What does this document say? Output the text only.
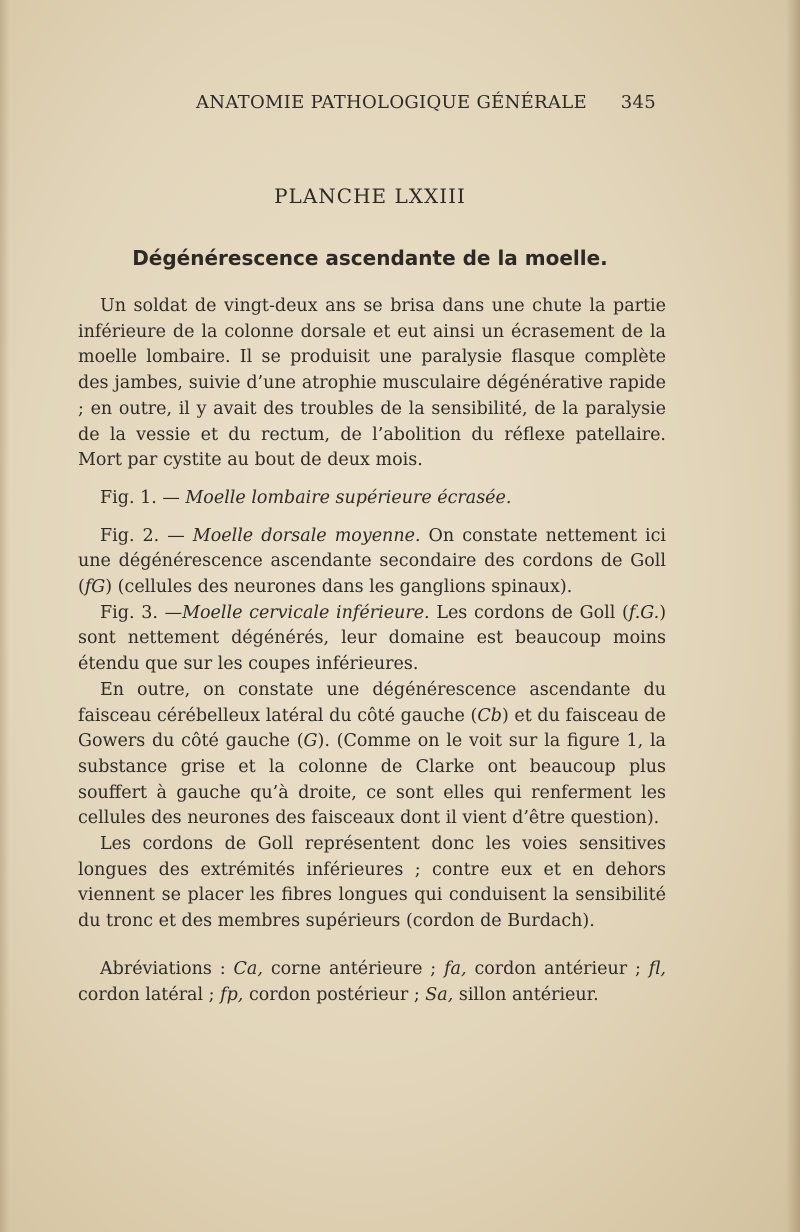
ANATOMIE PATHOLOGIQUE GÉNÉRALE 345
PLANCHE LXXIII
Dégénérescence ascendante de la moelle.

Un soldat de vingt-deux ans se brisa dans une chute la partie inférieure de la colonne dorsale et eut ainsi un écrasement de la moelle lombaire. Il se produisit une paralysie flasque complète des jambes, suivie d’une atrophie musculaire dégénérative rapide ; en outre, il y avait des troubles de la sensibilité, de la paralysie de la vessie et du rectum, de l’abolition du réflexe patellaire. Mort par cystite au bout de deux mois.

Fig. 1. — Moelle lombaire supérieure écrasée.

Fig. 2. — Moelle dorsale moyenne. On constate nettement ici une dégénérescence ascendante secondaire des cordons de Goll (fG) (cellules des neurones dans les ganglions spinaux).

Fig. 3. —Moelle cervicale inférieure. Les cordons de Goll (f.G.) sont nettement dégénérés, leur domaine est beaucoup moins étendu que sur les coupes inférieures.

En outre, on constate une dégénérescence ascendante du faisceau cérébelleux latéral du côté gauche (Cb) et du faisceau de Gowers du côté gauche (G). (Comme on le voit sur la figure 1, la substance grise et la colonne de Clarke ont beaucoup plus souffert à gauche qu’à droite, ce sont elles qui renferment les cellules des neurones des faisceaux dont il vient d’être question).

Les cordons de Goll représentent donc les voies sensitives longues des extrémités inférieures ; contre eux et en dehors viennent se placer les fibres longues qui conduisent la sensibilité du tronc et des membres supérieurs (cordon de Burdach).

Abréviations : Ca, corne antérieure ; fa, cordon antérieur ; fl, cordon latéral ; fp, cordon postérieur ; Sa, sillon antérieur.
